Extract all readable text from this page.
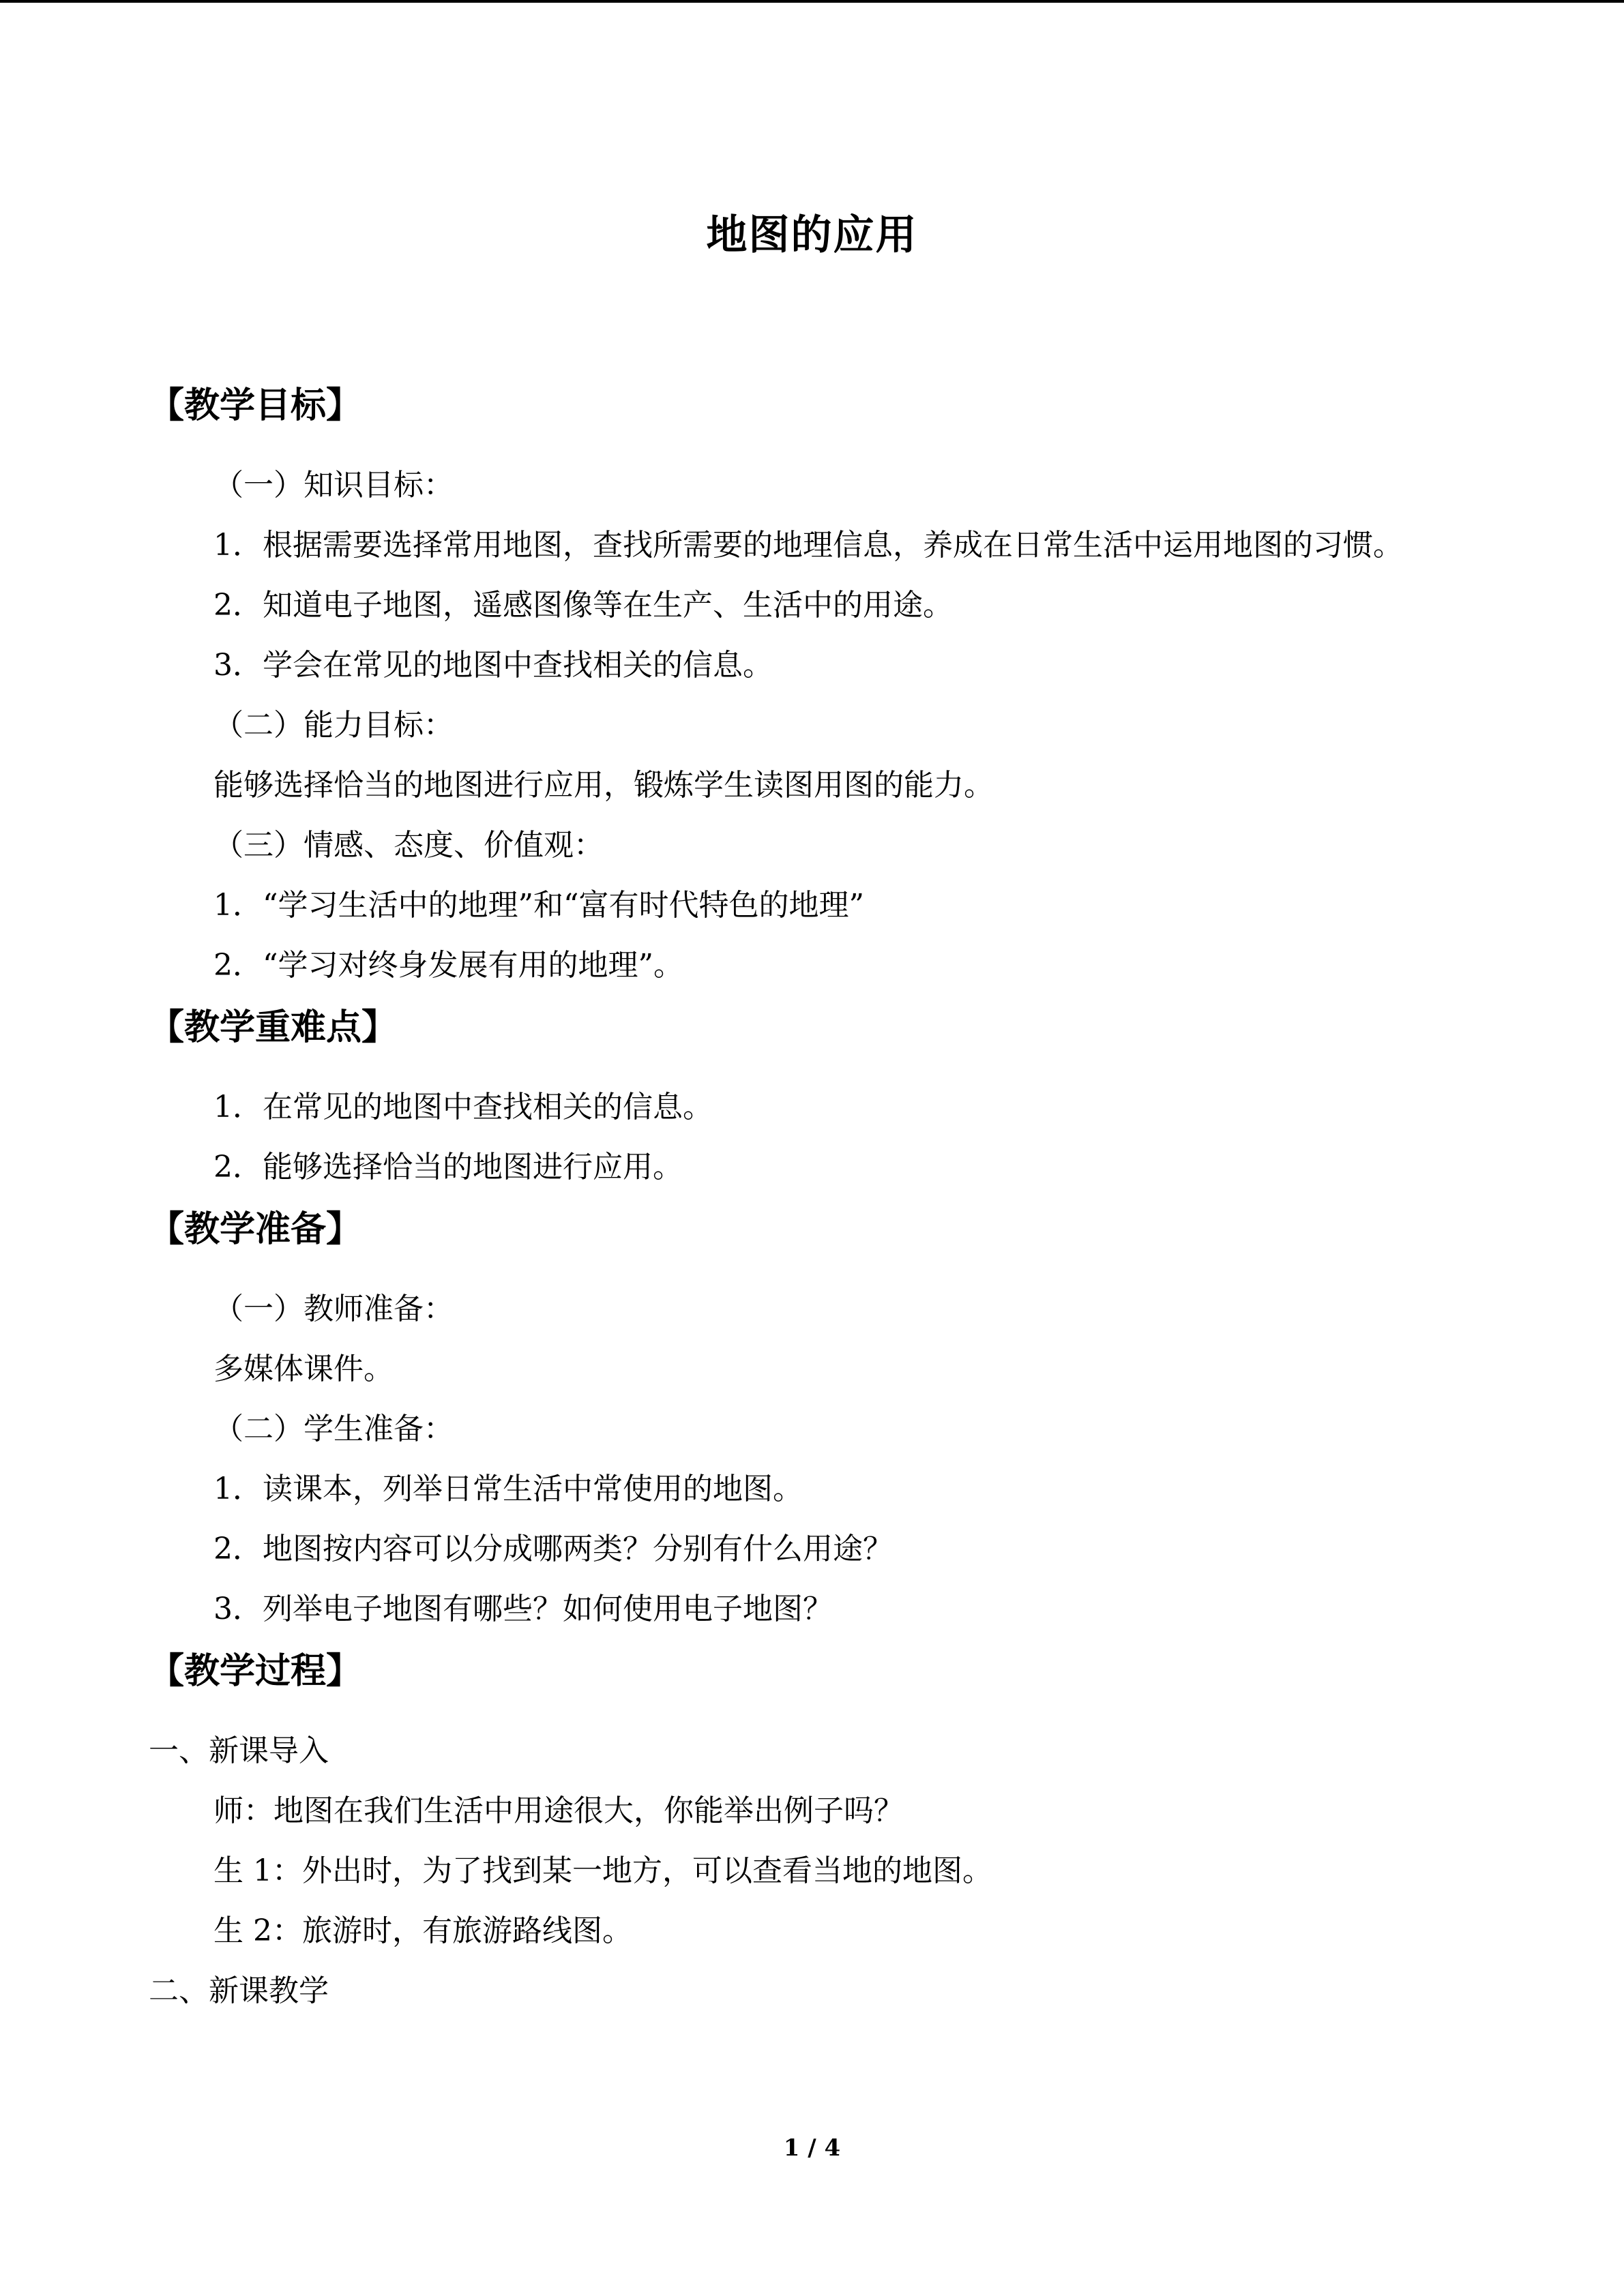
地图的应用
【教学目标】
（一）知识目标：
1．根据需要选择常用地图，查找所需要的地理信息，养成在日常生活中运用地图的习惯。
2．知道电子地图，遥感图像等在生产、生活中的用途。
3．学会在常见的地图中查找相关的信息。
（二）能力目标：
能够选择恰当的地图进行应用，锻炼学生读图用图的能力。
（三）情感、态度、价值观：
1．“学习生活中的地理”和“富有时代特色的地理”
2．“学习对终身发展有用的地理”。
【教学重难点】
1．在常见的地图中查找相关的信息。
2．能够选择恰当的地图进行应用。
【教学准备】
（一）教师准备：
多媒体课件。
（二）学生准备：
1．读课本，列举日常生活中常使用的地图。
2．地图按内容可以分成哪两类？分别有什么用途？
3．列举电子地图有哪些？如何使用电子地图？
【教学过程】
一、新课导入
师：地图在我们生活中用途很大，你能举出例子吗？
生 1：外出时，为了找到某一地方，可以查看当地的地图。
生 2：旅游时，有旅游路线图。
二、新课教学
1 / 4
